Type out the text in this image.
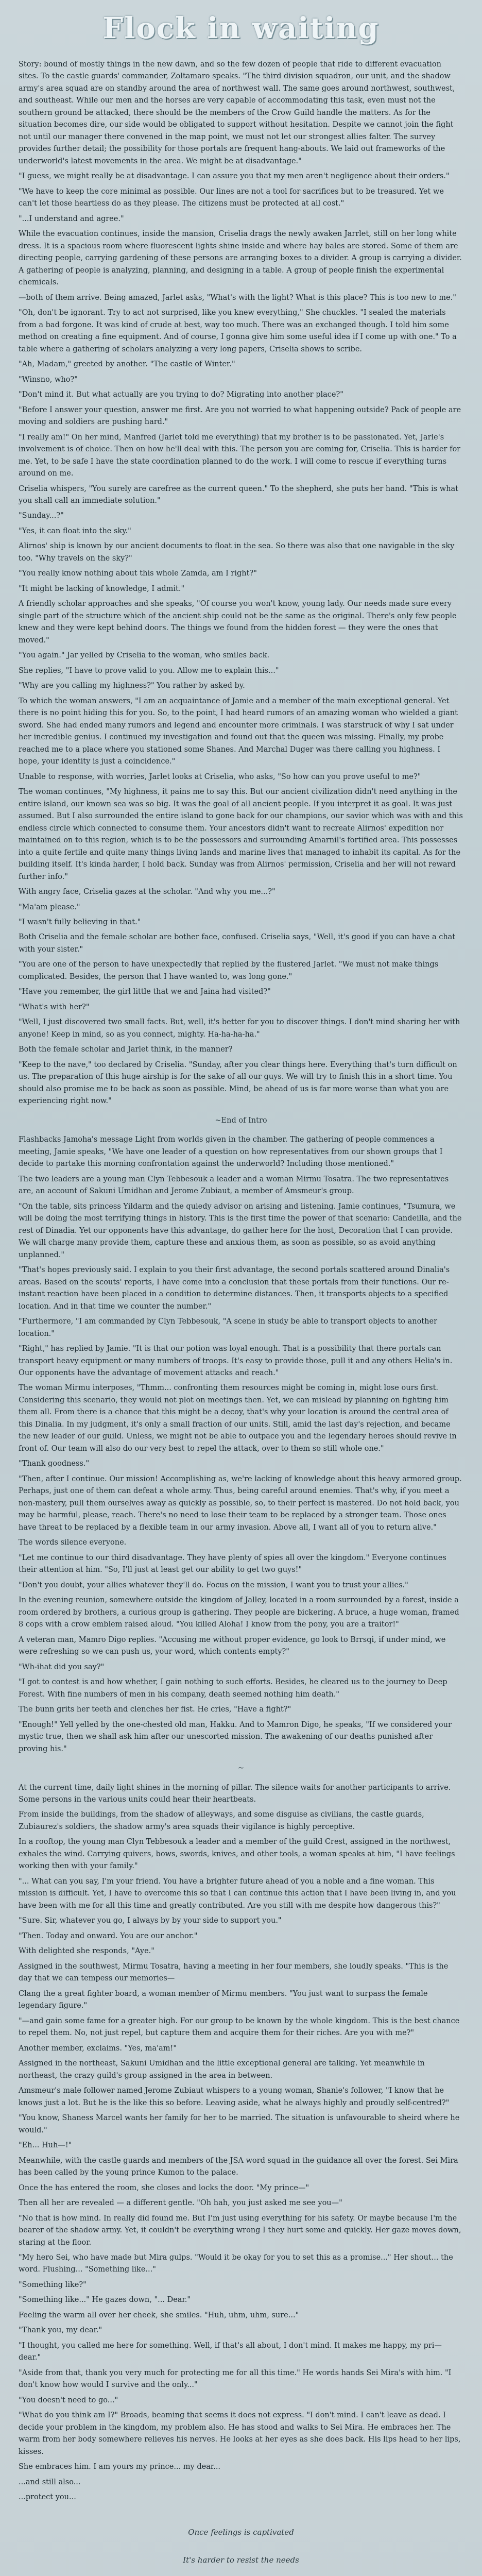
Flock in waiting

Story: bound of mostly things in the new dawn, and so the few dozen of people that ride to different evacuation sites. To the castle guards' commander, Zoltamaro speaks. "The third division squadron, our unit, and the shadow army's area squad are on standby around the area of northwest wall. The same goes around northwest, southwest, and southeast. While our men and the horses are very capable of accommodating this task, even must not the southern ground be attacked, there should be the members of the Crow Guild handle the matters. As for the situation becomes dire, our side would be obligated to support without hesitation. Despite we cannot join the fight not until our manager there convened in the map point, we must not let our strongest allies falter. The survey provides further detail; the possibility for those portals are frequent hang-abouts. We laid out frameworks of the underworld's latest movements in the area. We might be at disadvantage."

"I guess, we might really be at disadvantage. I can assure you that my men aren't negligence about their orders."

"We have to keep the core minimal as possible. Our lines are not a tool for sacrifices but to be treasured. Yet we can't let those heartless do as they please. The citizens must be protected at all cost."

"...I understand and agree."

While the evacuation continues, inside the mansion, Criselia drags the newly awaken Jarrlet, still on her long white dress. It is a spacious room where fluorescent lights shine inside and where hay bales are stored. Some of them are directing people, carrying gardening of these persons are arranging boxes to a divider. A group is carrying a divider. A gathering of people is analyzing, planning, and designing in a table. A group of people finish the experimental chemicals.

—both of them arrive. Being amazed, Jarlet asks, "What's with the light? What is this place? This is too new to me."

"Oh, don't be ignorant. Try to act not surprised, like you knew everything," She chuckles. "I sealed the materials from a bad forgone. It was kind of crude at best, way too much. There was an exchanged though. I told him some method on creating a fine equipment. And of course, I gonna give him some useful idea if I come up with one." To a table where a gathering of scholars analyzing a very long papers, Criselia shows to scribe.

"Ah, Madam," greeted by another. "The castle of Winter."

"Winsno, who?"

"Don't mind it. But what actually are you trying to do? Migrating into another place?"

"Before I answer your question, answer me first. Are you not worried to what happening outside? Pack of people are moving and soldiers are pushing hard."

"I really am!" On her mind, Manfred (Jarlet told me everything) that my brother is to be passionated. Yet, Jarle's involvement is of choice. Then on how he'll deal with this. The person you are coming for, Criselia. This is harder for me. Yet, to be safe I have the state coordination planned to do the work. I will come to rescue if everything turns around on me.

Criselia whispers, "You surely are carefree as the current queen." To the shepherd, she puts her hand. "This is what you shall call an immediate solution."

"Sunday...?"

"Yes, it can float into the sky."

Alirnos' ship is known by our ancient documents to float in the sea. So there was also that one navigable in the sky too. "Why travels on the sky?"

"You really know nothing about this whole Zamda, am I right?"

"It might be lacking of knowledge, I admit."

A friendly scholar approaches and she speaks, "Of course you won't know, young lady. Our needs made sure every single part of the structure which of the ancient ship could not be the same as the original. There's only few people knew and they were kept behind doors. The things we found from the hidden forest — they were the ones that moved."

"You again." Jar yelled by Criselia to the woman, who smiles back.

She replies, "I have to prove valid to you. Allow me to explain this..."

"Why are you calling my highness?" You rather by asked by.

To which the woman answers, "I am an acquaintance of Jamie and a member of the main exceptional general. Yet there is no point hiding this for you. So, to the point, I had heard rumors of an amazing woman who wielded a giant sword. She had ended many rumors and legend and encounter more criminals. I was starstruck of why I sat under her incredible genius. I continued my investigation and found out that the queen was missing. Finally, my probe reached me to a place where you stationed some Shanes. And Marchal Duger was there calling you highness. I hope, your identity is just a coincidence."

Unable to response, with worries, Jarlet looks at Criselia, who asks, "So how can you prove useful to me?"

The woman continues, "My highness, it pains me to say this. But our ancient civilization didn't need anything in the entire island, our known sea was so big. It was the goal of all ancient people. If you interpret it as goal. It was just assumed. But I also surrounded the entire island to gone back for our champions, our savior which was with and this endless circle which connected to consume them. Your ancestors didn't want to recreate Alirnos' expedition nor maintained on to this region, which is to be the possessors and surrounding Amarnil's fortified area. This possesses into a quite fertile and quite many things living lands and marine lives that managed to inhabit its capital. As for the building itself. It's kinda harder, I hold back. Sunday was from Alirnos' permission, Criselia and her will not reward further info."

With angry face, Criselia gazes at the scholar. "And why you me...?"

"Ma'am please."

"I wasn't fully believing in that."

Both Criselia and the female scholar are bother face, confused. Criselia says, "Well, it's good if you can have a chat with your sister."

"You are one of the person to have unexpectedly that replied by the flustered Jarlet. "We must not make things complicated. Besides, the person that I have wanted to, was long gone."

"Have you remember, the girl little that we and Jaina had visited?"

"What's with her?"

"Well, I just discovered two small facts. But, well, it's better for you to discover things. I don't mind sharing her with anyone! Keep in mind, so as you connect, mighty. Ha-ha-ha-ha."

Both the female scholar and Jarlet think, in the manner?

"Keep to the nave," too declared by Criselia. "Sunday, after you clear things here. Everything that's turn difficult on us. The preparation of this huge airship is for the sake of all our guys. We will try to finish this in a short time. You should also promise me to be back as soon as possible. Mind, be ahead of us is far more worse than what you are experiencing right now."

~End of Intro

Flashbacks Jamoha's message Light from worlds given in the chamber. The gathering of people commences a meeting, Jamie speaks, "We have one leader of a question on how representatives from our shown groups that I decide to partake this morning confrontation against the underworld? Including those mentioned."

The two leaders are a young man Clyn Tebbesouk a leader and a woman Mirmu Tosatra. The two representatives are, an account of Sakuni Umidhan and Jerome Zubiaut, a member of Amsmeur's group.

"On the table, sits princess Yildarm and the quiedy advisor on arising and listening. Jamie continues, "Tsumura, we will be doing the most terrifying things in history. This is the first time the power of that scenario: Candeilla, and the rest of Dinadia. Yet our opponents have this advantage, do gather here for the host, Decoration that I can provide. We will charge many provide them, capture these and anxious them, as soon as possible, so as avoid anything unplanned."

"That's hopes previously said. I explain to you their first advantage, the second portals scattered around Dinalia's areas. Based on the scouts' reports, I have come into a conclusion that these portals from their functions. Our re-instant reaction have been placed in a condition to determine distances. Then, it transports objects to a specified location. And in that time we counter the number."

"Furthermore, "I am commanded by Clyn Tebbesouk, "A scene in study be able to transport objects to another location."

"Right," has replied by Jamie. "It is that our potion was loyal enough. That is a possibility that there portals can transport heavy equipment or many numbers of troops. It's easy to provide those, pull it and any others Helia's in. Our opponents have the advantage of movement attacks and reach."

The woman Mirmu interposes, "Thmm... confronting them resources might be coming in, might lose ours first. Considering this scenario, they would not plot on meetings then. Yet, we can mislead by planning on fighting him them all. From there is a chance that this might be a decoy, that's why your location is around the central area of this Dinalia. In my judgment, it's only a small fraction of our units. Still, amid the last day's rejection, and became the new leader of our guild. Unless, we might not be able to outpace you and the legendary heroes should revive in front of. Our team will also do our very best to repel the attack, over to them so still whole one."

"Thank goodness."

"Then, after I continue. Our mission! Accomplishing as, we're lacking of knowledge about this heavy armored group. Perhaps, just one of them can defeat a whole army. Thus, being careful around enemies. That's why, if you meet a non-mastery, pull them ourselves away as quickly as possible, so, to their perfect is mastered. Do not hold back, you may be harmful, please, reach. There's no need to lose their team to be replaced by a stronger team. Those ones have threat to be replaced by a flexible team in our army invasion. Above all, I want all of you to return alive."

The words silence everyone.

"Let me continue to our third disadvantage. They have plenty of spies all over the kingdom." Everyone continues their attention at him. "So, I'll just at least get our ability to get two guys!"

"Don't you doubt, your allies whatever they'll do. Focus on the mission, I want you to trust your allies."

In the evening reunion, somewhere outside the kingdom of Jalley, located in a room surrounded by a forest, inside a room ordered by brothers, a curious group is gathering. They people are bickering. A bruce, a huge woman, framed 8 cops with a crow emblem raised aloud. "You killed Aloha! I know from the pony, you are a traitor!"

A veteran man, Mamro Digo replies. "Accusing me without proper evidence, go look to Brrsqi, if under mind, we were refreshing so we can push us, your word, which contents empty?"

"Wh-ihat did you say?"

"I got to contest is and how whether, I gain nothing to such efforts. Besides, he cleared us to the journey to Deep Forest. With fine numbers of men in his company, death seemed nothing him death."

The bunn grits her teeth and clenches her fist. He cries, "Have a fight?"

"Enough!" Yell yelled by the one-chested old man, Hakku. And to Mamron Digo, he speaks, "If we considered your mystic true, then we shall ask him after our unescorted mission. The awakening of our deaths punished after proving his."

~

At the current time, daily light shines in the morning of pillar. The silence waits for another participants to arrive. Some persons in the various units could hear their heartbeats.

From inside the buildings, from the shadow of alleyways, and some disguise as civilians, the castle guards, Zubiaurez's soldiers, the shadow army's area squads their vigilance is highly perceptive.

In a rooftop, the young man Clyn Tebbesouk a leader and a member of the guild Crest, assigned in the northwest, exhales the wind. Carrying quivers, bows, swords, knives, and other tools, a woman speaks at him, "I have feelings working then with your family."

"... What can you say, I'm your friend. You have a brighter future ahead of you a noble and a fine woman. This mission is difficult. Yet, I have to overcome this so that I can continue this action that I have been living in, and you have been with me for all this time and greatly contributed. Are you still with me despite how dangerous this?"

"Sure. Sir, whatever you go, I always by by your side to support you."

"Then. Today and onward. You are our anchor."

With delighted she responds, "Aye."

Assigned in the southwest, Mirmu Tosatra, having a meeting in her four members, she loudly speaks. "This is the day that we can tempess our memories—

Clang the a great fighter board, a woman member of Mirmu members. "You just want to surpass the female legendary figure."

"—and gain some fame for a greater high. For our group to be known by the whole kingdom. This is the best chance to repel them. No, not just repel, but capture them and acquire them for their riches. Are you with me?"

Another member, exclaims. "Yes, ma'am!"

Assigned in the northeast, Sakuni Umidhan and the little exceptional general are talking. Yet meanwhile in northeast, the crazy guild's group assigned in the area in between.

Amsmeur's male follower named Jerome Zubiaut whispers to a young woman, Shanie's follower, "I know that he knows just a lot. But he is the like this so before. Leaving aside, what he always highly and proudly self-centred?"

"You know, Shaness Marcel wants her family for her to be married. The situation is unfavourable to sheird where he would."

"Eh... Huh—!"

Meanwhile, with the castle guards and members of the JSA word squad in the guidance all over the forest. Sei Mira has been called by the young prince Kumon to the palace.

Once the has entered the room, she closes and locks the door. "My prince—"

Then all her are revealed — a different gentle. "Oh hah, you just asked me see you—"

"No that is how mind. In really did found me. But I'm just using everything for his safety. Or maybe because I'm the bearer of the shadow army. Yet, it couldn't be everything wrong I they hurt some and quickly. Her gaze moves down, staring at the floor.

"My hero Sei, who have made but Mira gulps. "Would it be okay for you to set this as a promise..." Her shout... the word. Flushing... "Something like..."

"Something like?"

"Something like..." He gazes down, "... Dear."

Feeling the warm all over her cheek, she smiles. "Huh, uhm, uhm, sure..."

"Thank you, my dear."

"I thought, you called me here for something. Well, if that's all about, I don't mind. It makes me happy, my pri— dear."

"Aside from that, thank you very much for protecting me for all this time." He words hands Sei Mira's with him. "I don't know how would I survive and the only..."

"You doesn't need to go..."

"What do you think am I?" Broads, beaming that seems it does not express. "I don't mind. I can't leave as dead. I decide your problem in the kingdom, my problem also. He has stood and walks to Sei Mira. He embraces her. The warm from her body somewhere relieves his nerves. He looks at her eyes as she does back. His lips head to her lips, kisses.

She embraces him. I am yours my prince... my dear...

...and still also...

...protect you...

Once feelings is captivated
It's harder to resist the needs
